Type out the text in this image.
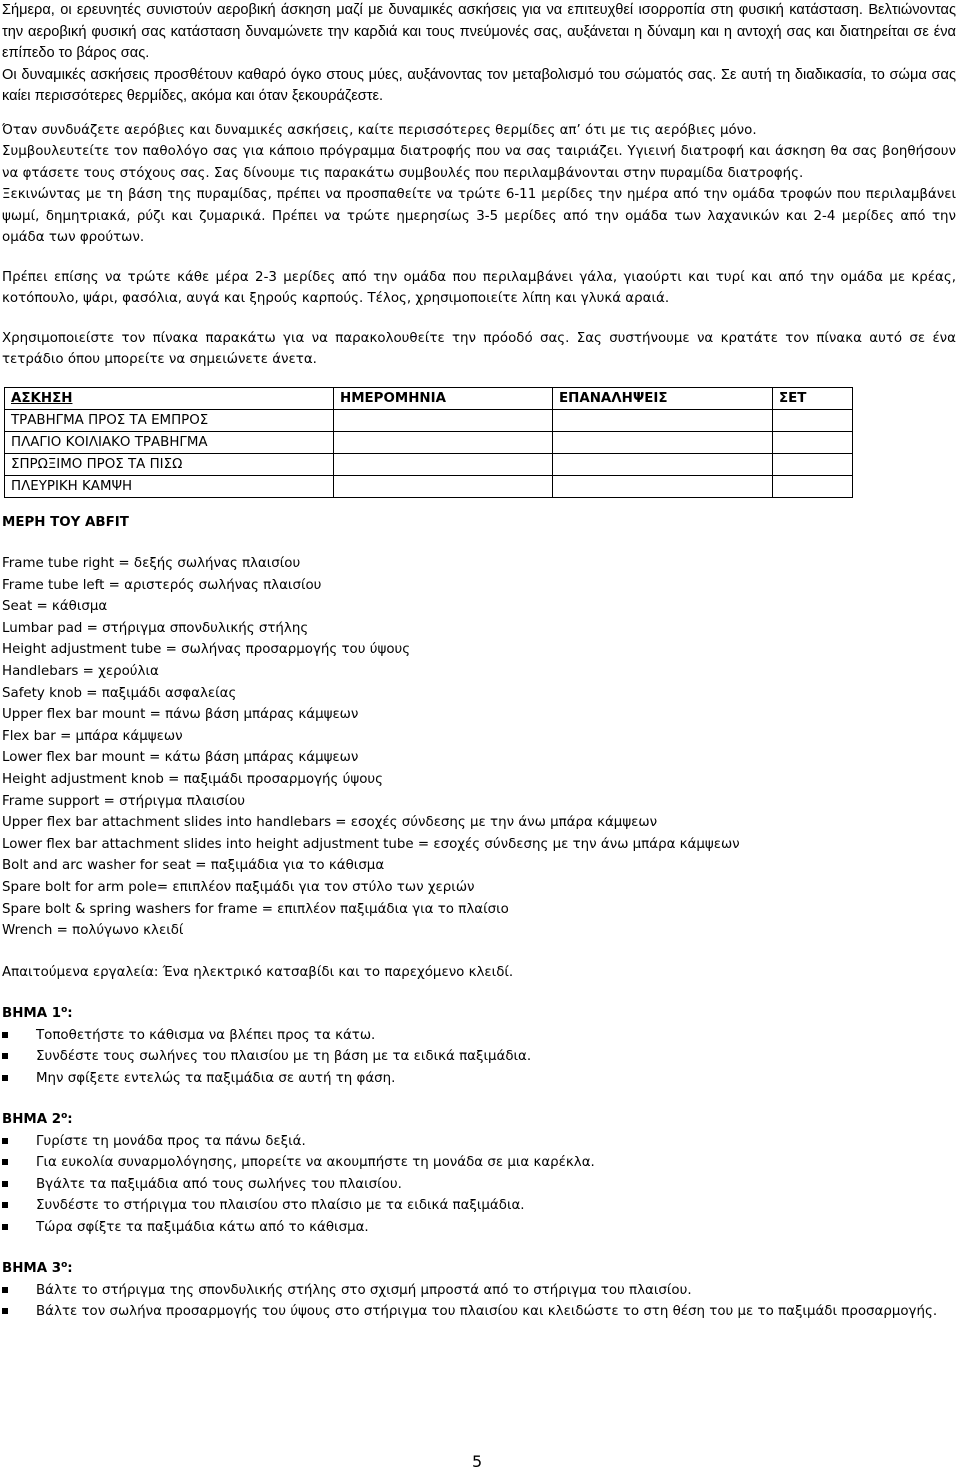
Σήμερα, οι ερευνητές συνιστούν αεροβική άσκηση μαζί με δυναμικές ασκήσεις για να επιτευχθεί ισορροπία στη φυσική κατάσταση. Βελτιώνοντας την αεροβική φυσική σας κατάσταση δυναμώνετε την καρδιά και τους πνεύμονές σας, αυξάνεται η δύναμη και η αντοχή σας και διατηρείται σε ένα επίπεδο το βάρος σας.

Οι δυναμικές ασκήσεις προσθέτουν καθαρό όγκο στους μύες, αυξάνοντας τον μεταβολισμό του σώματός σας. Σε αυτή τη διαδικασία, το σώμα σας καίει περισσότερες θερμίδες, ακόμα και όταν ξεκουράζεστε.

Όταν συνδυάζετε αερόβιες και δυναμικές ασκήσεις, καίτε περισσότερες θερμίδες απ’ ότι με τις αερόβιες μόνο.

Συμβουλευτείτε τον παθολόγο σας για κάποιο πρόγραμμα διατροφής που να σας ταιριάζει. Υγιεινή διατροφή και άσκηση θα σας βοηθήσουν να φτάσετε τους στόχους σας. Σας δίνουμε τις παρακάτω συμβουλές που περιλαμβάνονται στην πυραμίδα διατροφής.

Ξεκινώντας με τη βάση της πυραμίδας, πρέπει να προσπαθείτε να τρώτε 6-11 μερίδες την ημέρα από την ομάδα τροφών που περιλαμβάνει ψωμί, δημητριακά, ρύζι και ζυμαρικά. Πρέπει να τρώτε ημερησίως 3-5 μερίδες από την ομάδα των λαχανικών και 2-4 μερίδες από την ομάδα των φρούτων.

Πρέπει επίσης να τρώτε κάθε μέρα 2-3 μερίδες από την ομάδα που περιλαμβάνει γάλα, γιαούρτι και τυρί και από την ομάδα με κρέας, κοτόπουλο, ψάρι, φασόλια, αυγά και ξηρούς καρπούς. Τέλος, χρησιμοποιείτε λίπη και γλυκά αραιά.

Χρησιμοποιείστε τον πίνακα παρακάτω για να παρακολουθείτε την πρόοδό σας. Σας συστήνουμε να κρατάτε τον πίνακα αυτό σε ένα τετράδιο όπου μπορείτε να σημειώνετε άνετα.

ΑΣΚΗΣΗ	ΗΜΕΡΟΜΗΝΙΑ	ΕΠΑΝΑΛΗΨΕΙΣ	ΣΕΤ
ΤΡΑΒΗΓΜΑ ΠΡΟΣ ΤΑ ΕΜΠΡΟΣ			
ΠΛΑΓΙΟ ΚΟΙΛΙΑΚΟ ΤΡΑΒΗΓΜΑ			
ΣΠΡΩΞΙΜΟ ΠΡΟΣ ΤΑ ΠΙΣΩ			
ΠΛΕΥΡΙΚΗ ΚΑΜΨΗ			

ΜΕΡΗ ΤΟΥ ABFIT

Frame tube right = δεξής σωλήνας πλαισίου

Frame tube left = αριστερός σωλήνας πλαισίου

Seat = κάθισμα

Lumbar pad = στήριγμα σπονδυλικής στήλης

Height adjustment tube = σωλήνας προσαρμογής του ύψους

Handlebars = χερούλια

Safety knob = παξιμάδι ασφαλείας

Upper flex bar mount = πάνω βάση μπάρας κάμψεων

Flex bar = μπάρα κάμψεων

Lower flex bar mount = κάτω βάση μπάρας κάμψεων

Height adjustment knob = παξιμάδι προσαρμογής ύψους

Frame support = στήριγμα πλαισίου

Upper flex bar attachment slides into handlebars = εσοχές σύνδεσης με την άνω μπάρα κάμψεων

Lower flex bar attachment slides into height adjustment tube = εσοχές σύνδεσης με την άνω μπάρα κάμψεων

Bolt and arc washer for seat = παξιμάδια για το κάθισμα

Spare bolt for arm pole= επιπλέον παξιμάδι για τον στύλο των χεριών

Spare bolt & spring washers for frame = επιπλέον παξιμάδια για το πλαίσιο

Wrench = πολύγωνο κλειδί

Απαιτούμενα εργαλεία: Ένα ηλεκτρικό κατσαβίδι και το παρεχόμενο κλειδί.

ΒΗΜΑ $1^o$:

Τοποθετήστε το κάθισμα να βλέπει προς τα κάτω.
Συνδέστε τους σωλήνες του πλαισίου με τη βάση με τα ειδικά παξιμάδια.
Μην σφίξετε εντελώς τα παξιμάδια σε αυτή τη φάση.

ΒΗΜΑ $2^o$:

Γυρίστε τη μονάδα προς τα πάνω δεξιά.
Για ευκολία συναρμολόγησης, μπορείτε να ακουμπήστε τη μονάδα σε μια καρέκλα.
Βγάλτε τα παξιμάδια από τους σωλήνες του πλαισίου.
Συνδέστε το στήριγμα του πλαισίου στο πλαίσιο με τα ειδικά παξιμάδια.
Τώρα σφίξτε τα παξιμάδια κάτω από το κάθισμα.

ΒΗΜΑ $3^o$:

Βάλτε το στήριγμα της σπονδυλικής στήλης στο σχισμή μπροστά από το στήριγμα του πλαισίου.
Βάλτε τον σωλήνα προσαρμογής του ύψους στο στήριγμα του πλαισίου και κλειδώστε το στη θέση του με το παξιμάδι προσαρμογής.
5
